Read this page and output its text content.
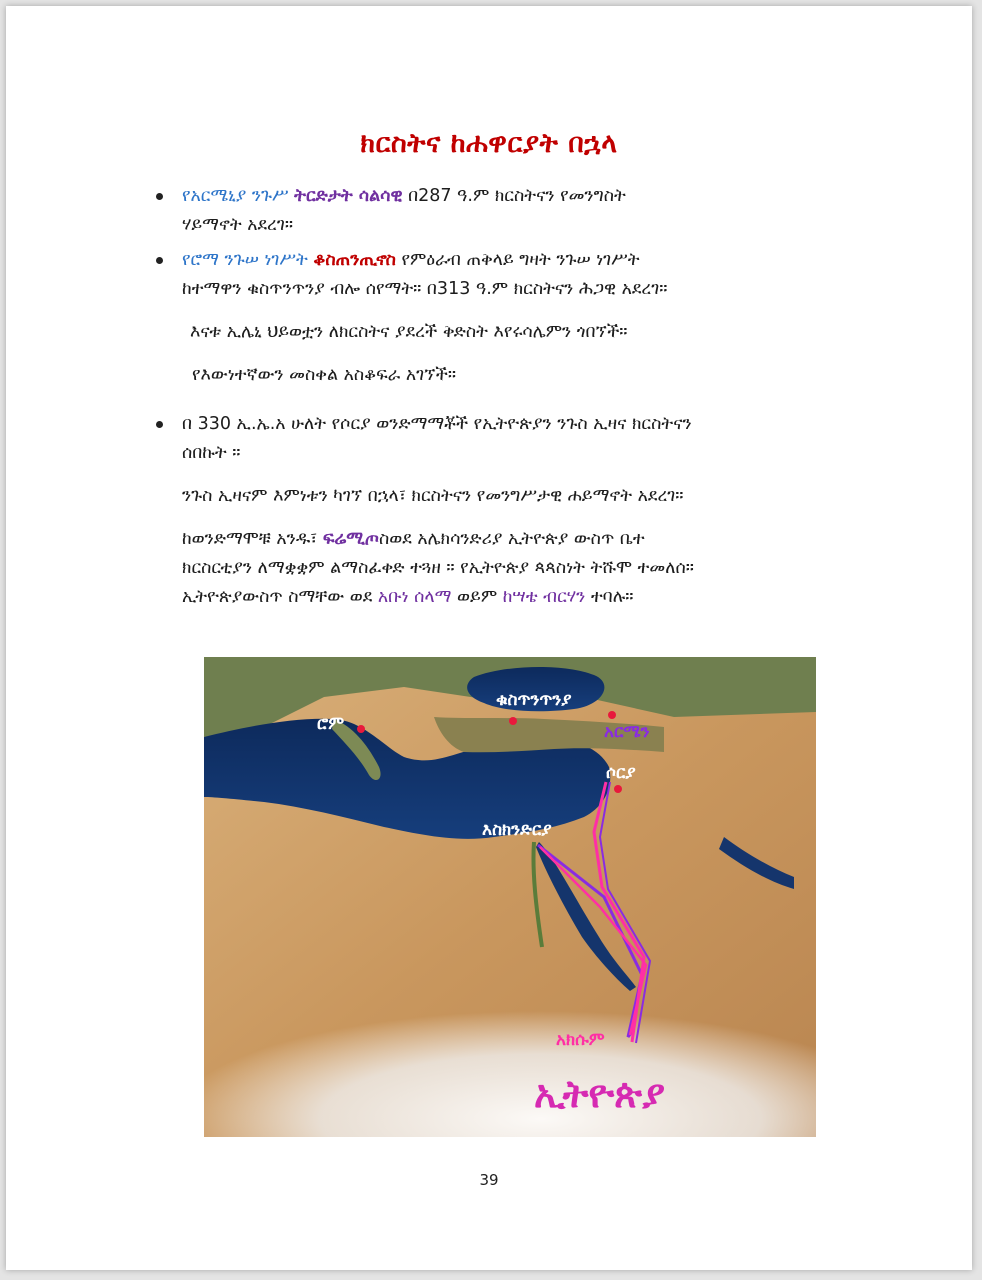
ክርስትና ከሐዋርያት በኋላ
የአርሜኒያ ንጉሥ ትርድታት ሳልሳዊ በ287 ዓ.ም ክርስትናን የመንግስት
ሃይማኖት አደረገ።
የሮማ ንጉሠ ነገሥት ቆስጠንጢኖስ የምዕራብ ጠቅላይ ግዛት ንጉሠ ነገሥት
ከተማዋን ቁስጥንጥንያ ብሎ ሰየማት። በ313 ዓ.ም ክርስትናን ሕጋዊ አደረገ።
እናቱ ኢሌኒ ህይወቷን ለክርስትና ያደረች ቅድስት እየሩሳሌምን ጎበኘች።
የእውነተኛውን መስቀል አስቆፍራ አገኘች።
በ 330 ኢ.ኤ.አ ሁለት የሶርያ ወንድማማቾች የኢትዮጵያን ንጉስ ኢዛና ክርስትናን
ሰበኩት ።
ንጉስ ኢዛናም እምነቱን ካገኘ በኋላ፣ ክርስትናን የመንግሥታዊ ሐይማኖት አደረገ።
ከወንድማሞቹ አንዱ፣ ፍሬሚጦስወደ አሌክሳንድሪያ ኢትዮጵያ ውስጥ ቤተ
ክርስርቲያን ለማቋቋም ልማስፈቀድ ተጓዘ ። የኢትዮጵያ ጳጳስነት ትሹሞ ተመለሰ።
ኢትዮጵያውስጥ ስማቸው ወደ አቡነ ሰላማ ወይም ከሣቴ ብርሃን ተባሉ።
ሮም
ቁስጥንጥንያ
አርሜን
ሶርያ
እስክንድርያ
አክሱም
ኢትዮጵያ
39
